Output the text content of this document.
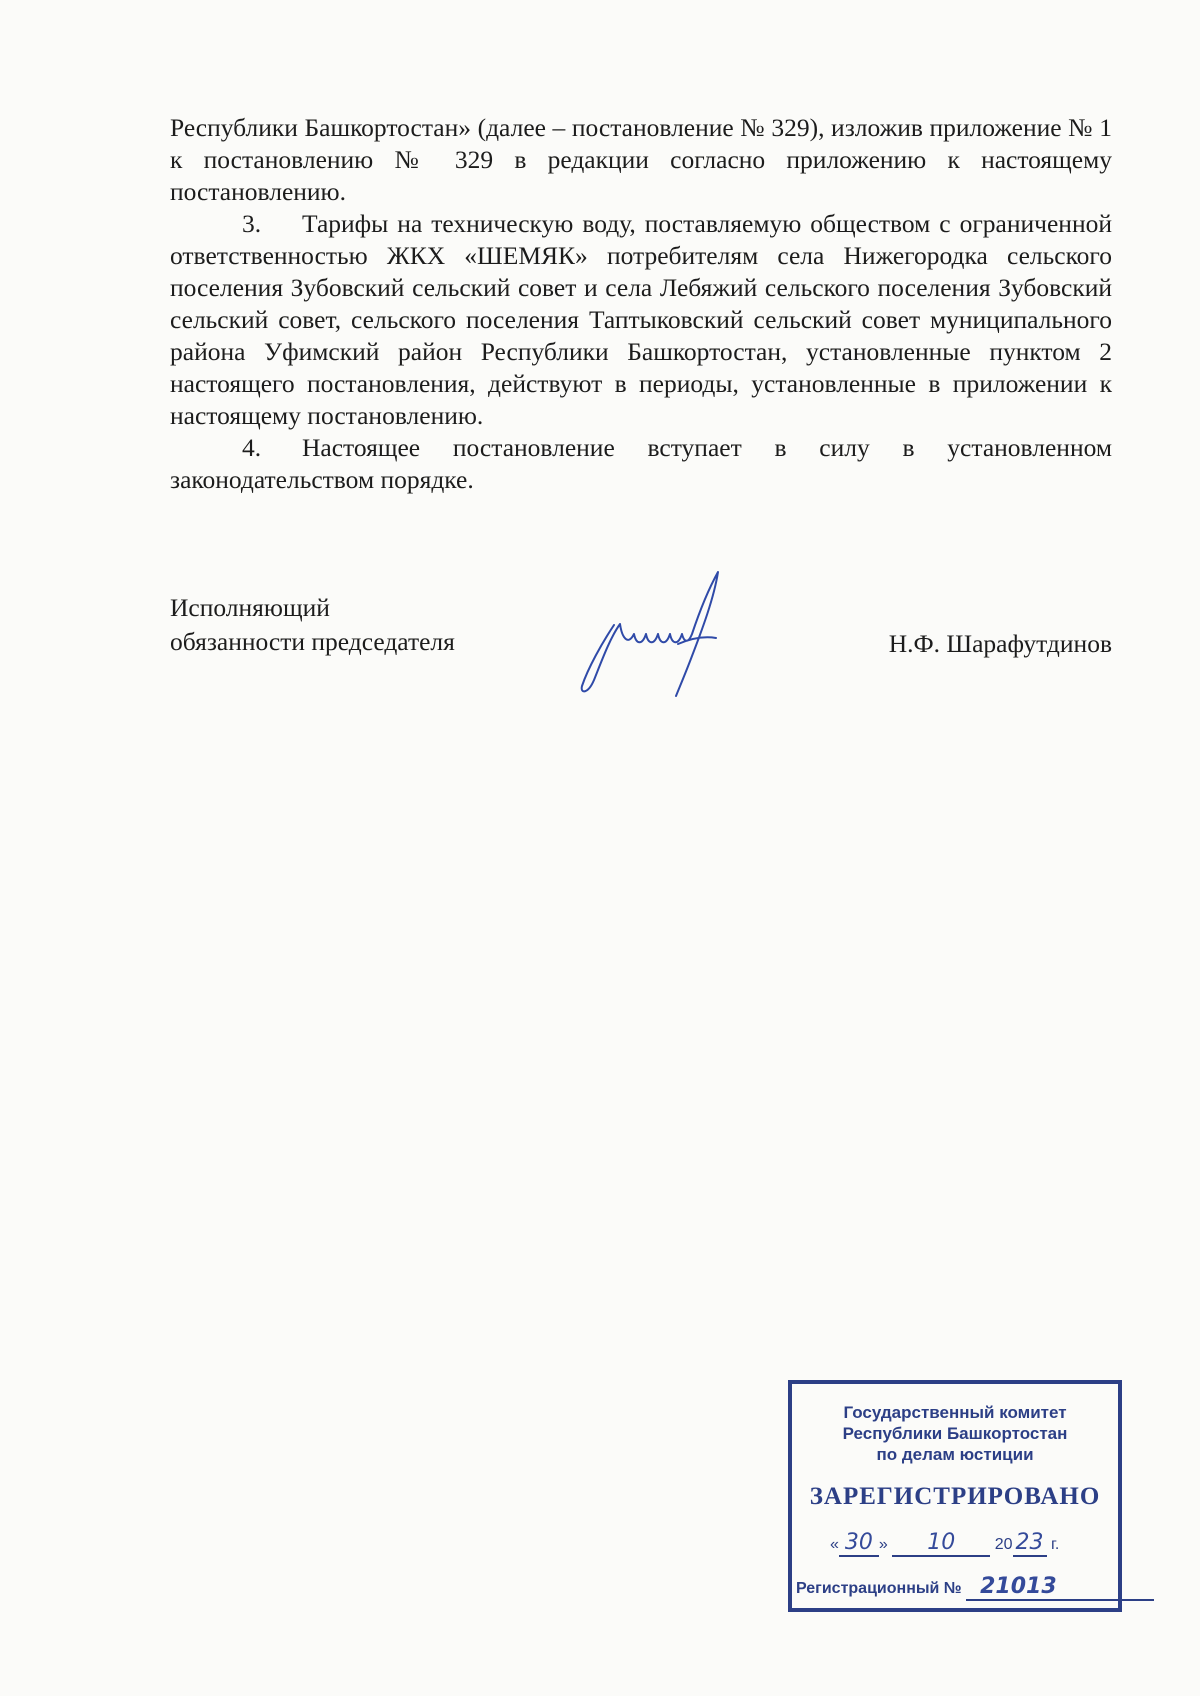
Республики Башкортостан» (далее – постановление № 329), изложив приложение № 1 к постановлению № 329 в редакции согласно приложению к настоящему постановлению.

3. Тарифы на техническую воду, поставляемую обществом с ограниченной ответственностью ЖКХ «ШЕМЯК» потребителям села Нижегородка сельского поселения Зубовский сельский совет и села Лебяжий сельского поселения Зубовский сельский совет, сельского поселения Таптыковский сельский совет муниципального района Уфимский район Республики Башкортостан, установленные пунктом 2 настоящего постановления, действуют в периоды, установленные в приложении к настоящему постановлению.

4. Настоящее постановление вступает в силу в установленном законодательством порядке.

Исполняющий
обязанности председателя	Н.Ф. Шарафутдинов
Государственный комитет
Республики Башкортостан
по делам юстиции
ЗАРЕГИСТРИРОВАНО
« 30 » 10 20 23 г.
Регистрационный № 21013
